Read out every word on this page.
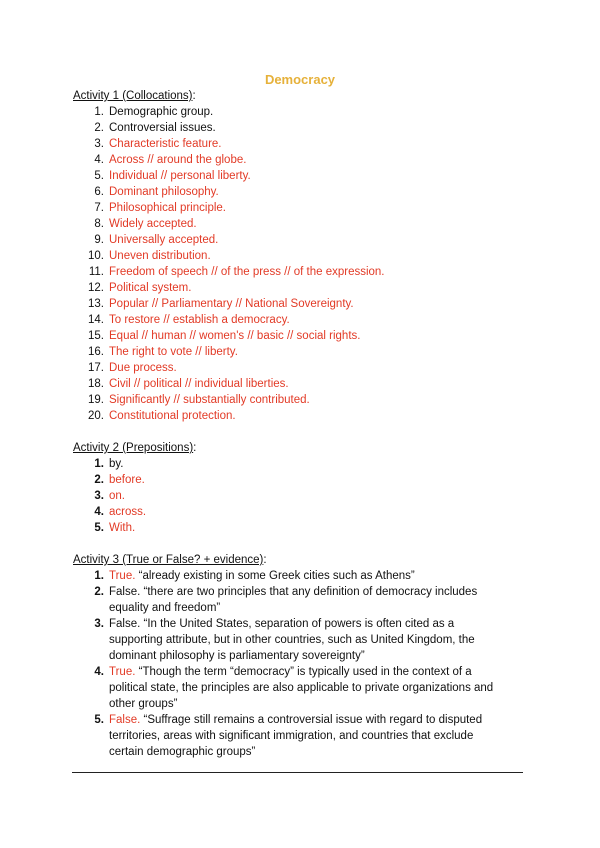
Democracy
Activity 1 (Collocations):
1. Demographic group.
2. Controversial issues.
3. Characteristic feature.
4. Across // around the globe.
5. Individual // personal liberty.
6. Dominant philosophy.
7. Philosophical principle.
8. Widely accepted.
9. Universally accepted.
10. Uneven distribution.
11. Freedom of speech // of the press // of the expression.
12. Political system.
13. Popular // Parliamentary // National Sovereignty.
14. To restore // establish a democracy.
15. Equal // human // women's // basic // social rights.
16. The right to vote // liberty.
17. Due process.
18. Civil // political // individual liberties.
19. Significantly // substantially contributed.
20. Constitutional protection.
Activity 2 (Prepositions):
1. by.
2. before.
3. on.
4. across.
5. With.
Activity 3 (True or False? + evidence):
1. True. “already existing in some Greek cities such as Athens”
2. False. “there are two principles that any definition of democracy includes
equality and freedom”
3. False. “In the United States, separation of powers is often cited as a
supporting attribute, but in other countries, such as United Kingdom, the
dominant philosophy is parliamentary sovereignty”
4. True. “Though the term “democracy” is typically used in the context of a
political state, the principles are also applicable to private organizations and
other groups”
5. False. “Suffrage still remains a controversial issue with regard to disputed
territories, areas with significant immigration, and countries that exclude
certain demographic groups”
